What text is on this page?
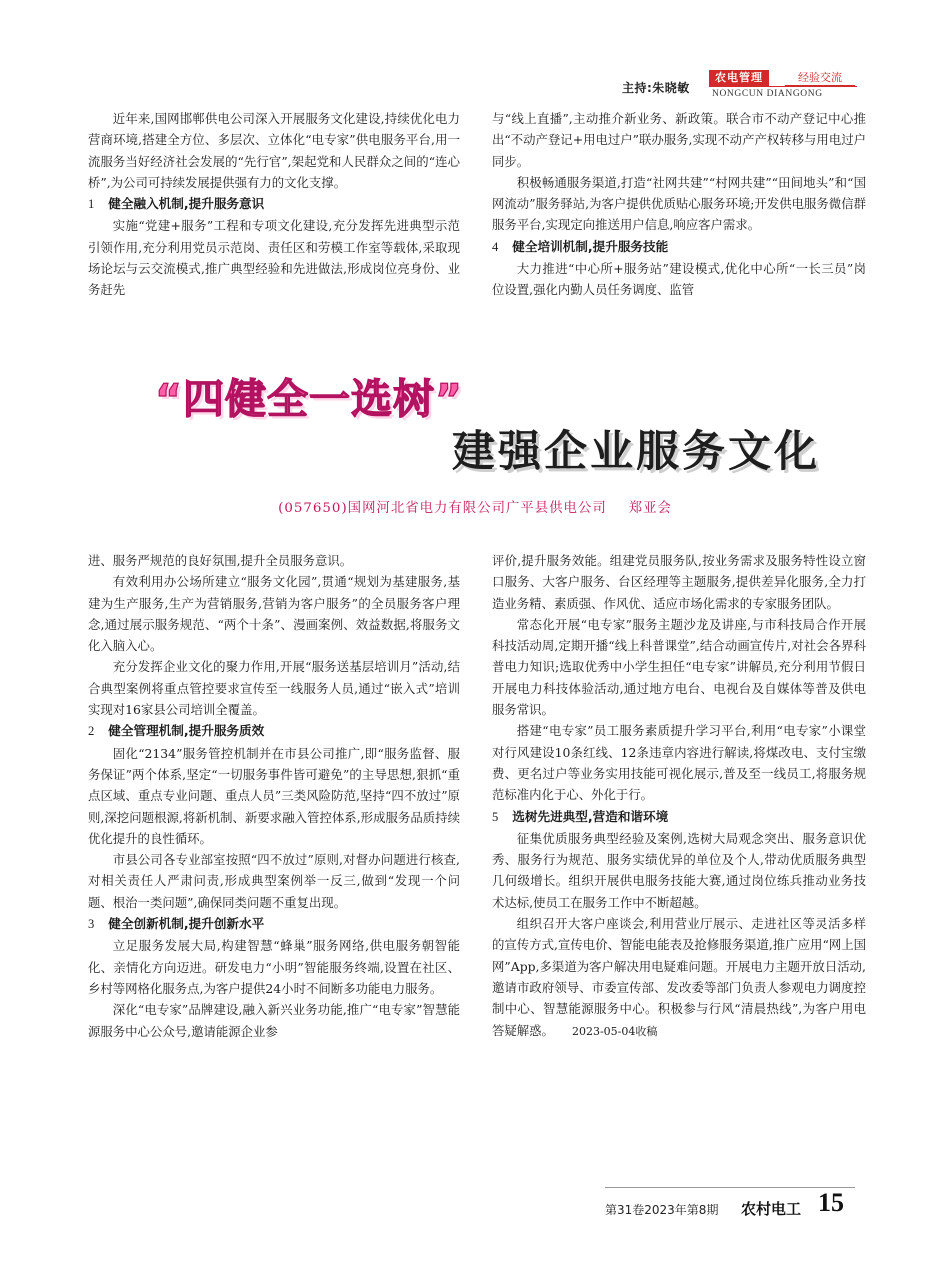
主持:朱晓敏
农电管理	经验交流
NONGCUN DIANGONG

近年来,国网邯郸供电公司深入开展服务文化建设,持续优化电力营商环境,搭建全方位、多层次、立体化“电专家”供电服务平台,用一流服务当好经济社会发展的“先行官”,架起党和人民群众之间的“连心桥”,为公司可持续发展提供强有力的文化支撑。

1 健全融入机制,提升服务意识

实施“党建+服务”工程和专项文化建设,充分发挥先进典型示范引领作用,充分利用党员示范岗、责任区和劳模工作室等载体,采取现场论坛与云交流模式,推广典型经验和先进做法,形成岗位亮身份、业务赶先

与“线上直播”,主动推介新业务、新政策。联合市不动产登记中心推出“不动产登记+用电过户”联办服务,实现不动产产权转移与用电过户同步。

积极畅通服务渠道,打造“社网共建”“村网共建”“田间地头”和“国网流动”服务驿站,为客户提供优质贴心服务环境;开发供电服务微信群服务平台,实现定向推送用户信息,响应客户需求。

4 健全培训机制,提升服务技能

大力推进“中心所+服务站”建设模式,优化中心所“一长三员”岗位设置,强化内勤人员任务调度、监管

“四健全一选树”
建强企业服务文化
(057650)国网河北省电力有限公司广平县供电公司 郑亚会

进、服务严规范的良好氛围,提升全员服务意识。

有效利用办公场所建立“服务文化园”,贯通“规划为基建服务,基建为生产服务,生产为营销服务,营销为客户服务”的全员服务客户理念,通过展示服务规范、“两个十条”、漫画案例、效益数据,将服务文化入脑入心。

充分发挥企业文化的聚力作用,开展“服务送基层培训月”活动,结合典型案例将重点管控要求宣传至一线服务人员,通过“嵌入式”培训实现对16家县公司培训全覆盖。

2 健全管理机制,提升服务质效

固化“2134”服务管控机制并在市县公司推广,即“服务监督、服务保证”两个体系,坚定“一切服务事件皆可避免”的主导思想,狠抓“重点区域、重点专业问题、重点人员”三类风险防范,坚持“四不放过”原则,深挖问题根源,将新机制、新要求融入管控体系,形成服务品质持续优化提升的良性循环。

市县公司各专业部室按照“四不放过”原则,对督办问题进行核查,对相关责任人严肃问责,形成典型案例举一反三,做到“发现一个问题、根治一类问题”,确保同类问题不重复出现。

3 健全创新机制,提升创新水平

立足服务发展大局,构建智慧“蜂巢”服务网络,供电服务朝智能化、亲情化方向迈进。研发电力“小明”智能服务终端,设置在社区、乡村等网格化服务点,为客户提供24小时不间断多功能电力服务。

深化“电专家”品牌建设,融入新兴业务功能,推广“电专家”智慧能源服务中心公众号,邀请能源企业参

评价,提升服务效能。组建党员服务队,按业务需求及服务特性设立窗口服务、大客户服务、台区经理等主题服务,提供差异化服务,全力打造业务精、素质强、作风优、适应市场化需求的专家服务团队。

常态化开展“电专家”服务主题沙龙及讲座,与市科技局合作开展科技活动周,定期开播“线上科普课堂”,结合动画宣传片,对社会各界科普电力知识;选取优秀中小学生担任“电专家”讲解员,充分利用节假日开展电力科技体验活动,通过地方电台、电视台及自媒体等普及供电服务常识。

搭建“电专家”员工服务素质提升学习平台,利用“电专家”小课堂对行风建设10条红线、12条违章内容进行解读,将煤改电、支付宝缴费、更名过户等业务实用技能可视化展示,普及至一线员工,将服务规范标准内化于心、外化于行。

5 选树先进典型,营造和谐环境

征集优质服务典型经验及案例,选树大局观念突出、服务意识优秀、服务行为规范、服务实绩优异的单位及个人,带动优质服务典型几何级增长。组织开展供电服务技能大赛,通过岗位练兵推动业务技术达标,使员工在服务工作中不断超越。

组织召开大客户座谈会,利用营业厅展示、走进社区等灵活多样的宣传方式,宣传电价、智能电能表及抢修服务渠道,推广应用“网上国网”App,多渠道为客户解决用电疑难问题。开展电力主题开放日活动,邀请市政府领导、市委宣传部、发改委等部门负责人参观电力调度控制中心、智慧能源服务中心。积极参与行风“清晨热线”,为客户用电答疑解惑。 2023-05-04收稿

第31卷2023年第8期 农村电工 15
